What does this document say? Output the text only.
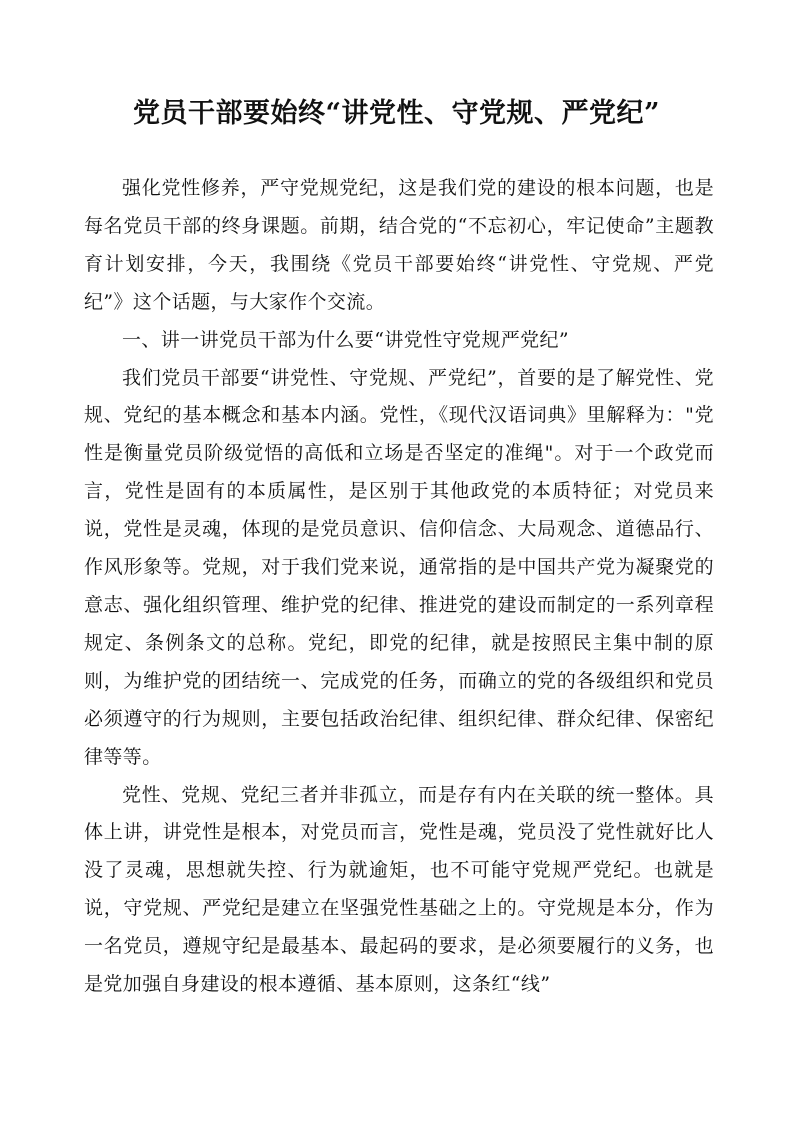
党员干部要始终“讲党性、守党规、严党纪”

强化党性修养，严守党规党纪，这是我们党的建设的根本问题，也是每名党员干部的终身课题。前期，结合党的“不忘初心，牢记使命”主题教育计划安排，今天，我围绕《党员干部要始终“讲党性、守党规、严党纪”》这个话题，与大家作个交流。

一、讲一讲党员干部为什么要“讲党性守党规严党纪”

我们党员干部要“讲党性、守党规、严党纪”，首要的是了解党性、党规、党纪的基本概念和基本内涵。党性，《现代汉语词典》里解释为："党性是衡量党员阶级觉悟的高低和立场是否坚定的准绳"。对于一个政党而言，党性是固有的本质属性，是区别于其他政党的本质特征；对党员来说，党性是灵魂，体现的是党员意识、信仰信念、大局观念、道德品行、作风形象等。党规，对于我们党来说，通常指的是中国共产党为凝聚党的意志、强化组织管理、维护党的纪律、推进党的建设而制定的一系列章程规定、条例条文的总称。党纪，即党的纪律，就是按照民主集中制的原则，为维护党的团结统一、完成党的任务，而确立的党的各级组织和党员必须遵守的行为规则，主要包括政治纪律、组织纪律、群众纪律、保密纪律等等。

党性、党规、党纪三者并非孤立，而是存有内在关联的统一整体。具体上讲，讲党性是根本，对党员而言，党性是魂，党员没了党性就好比人没了灵魂，思想就失控、行为就逾矩，也不可能守党规严党纪。也就是说，守党规、严党纪是建立在坚强党性基础之上的。守党规是本分，作为一名党员，遵规守纪是最基本、最起码的要求，是必须要履行的义务，也是党加强自身建设的根本遵循、基本原则，这条红“线”
